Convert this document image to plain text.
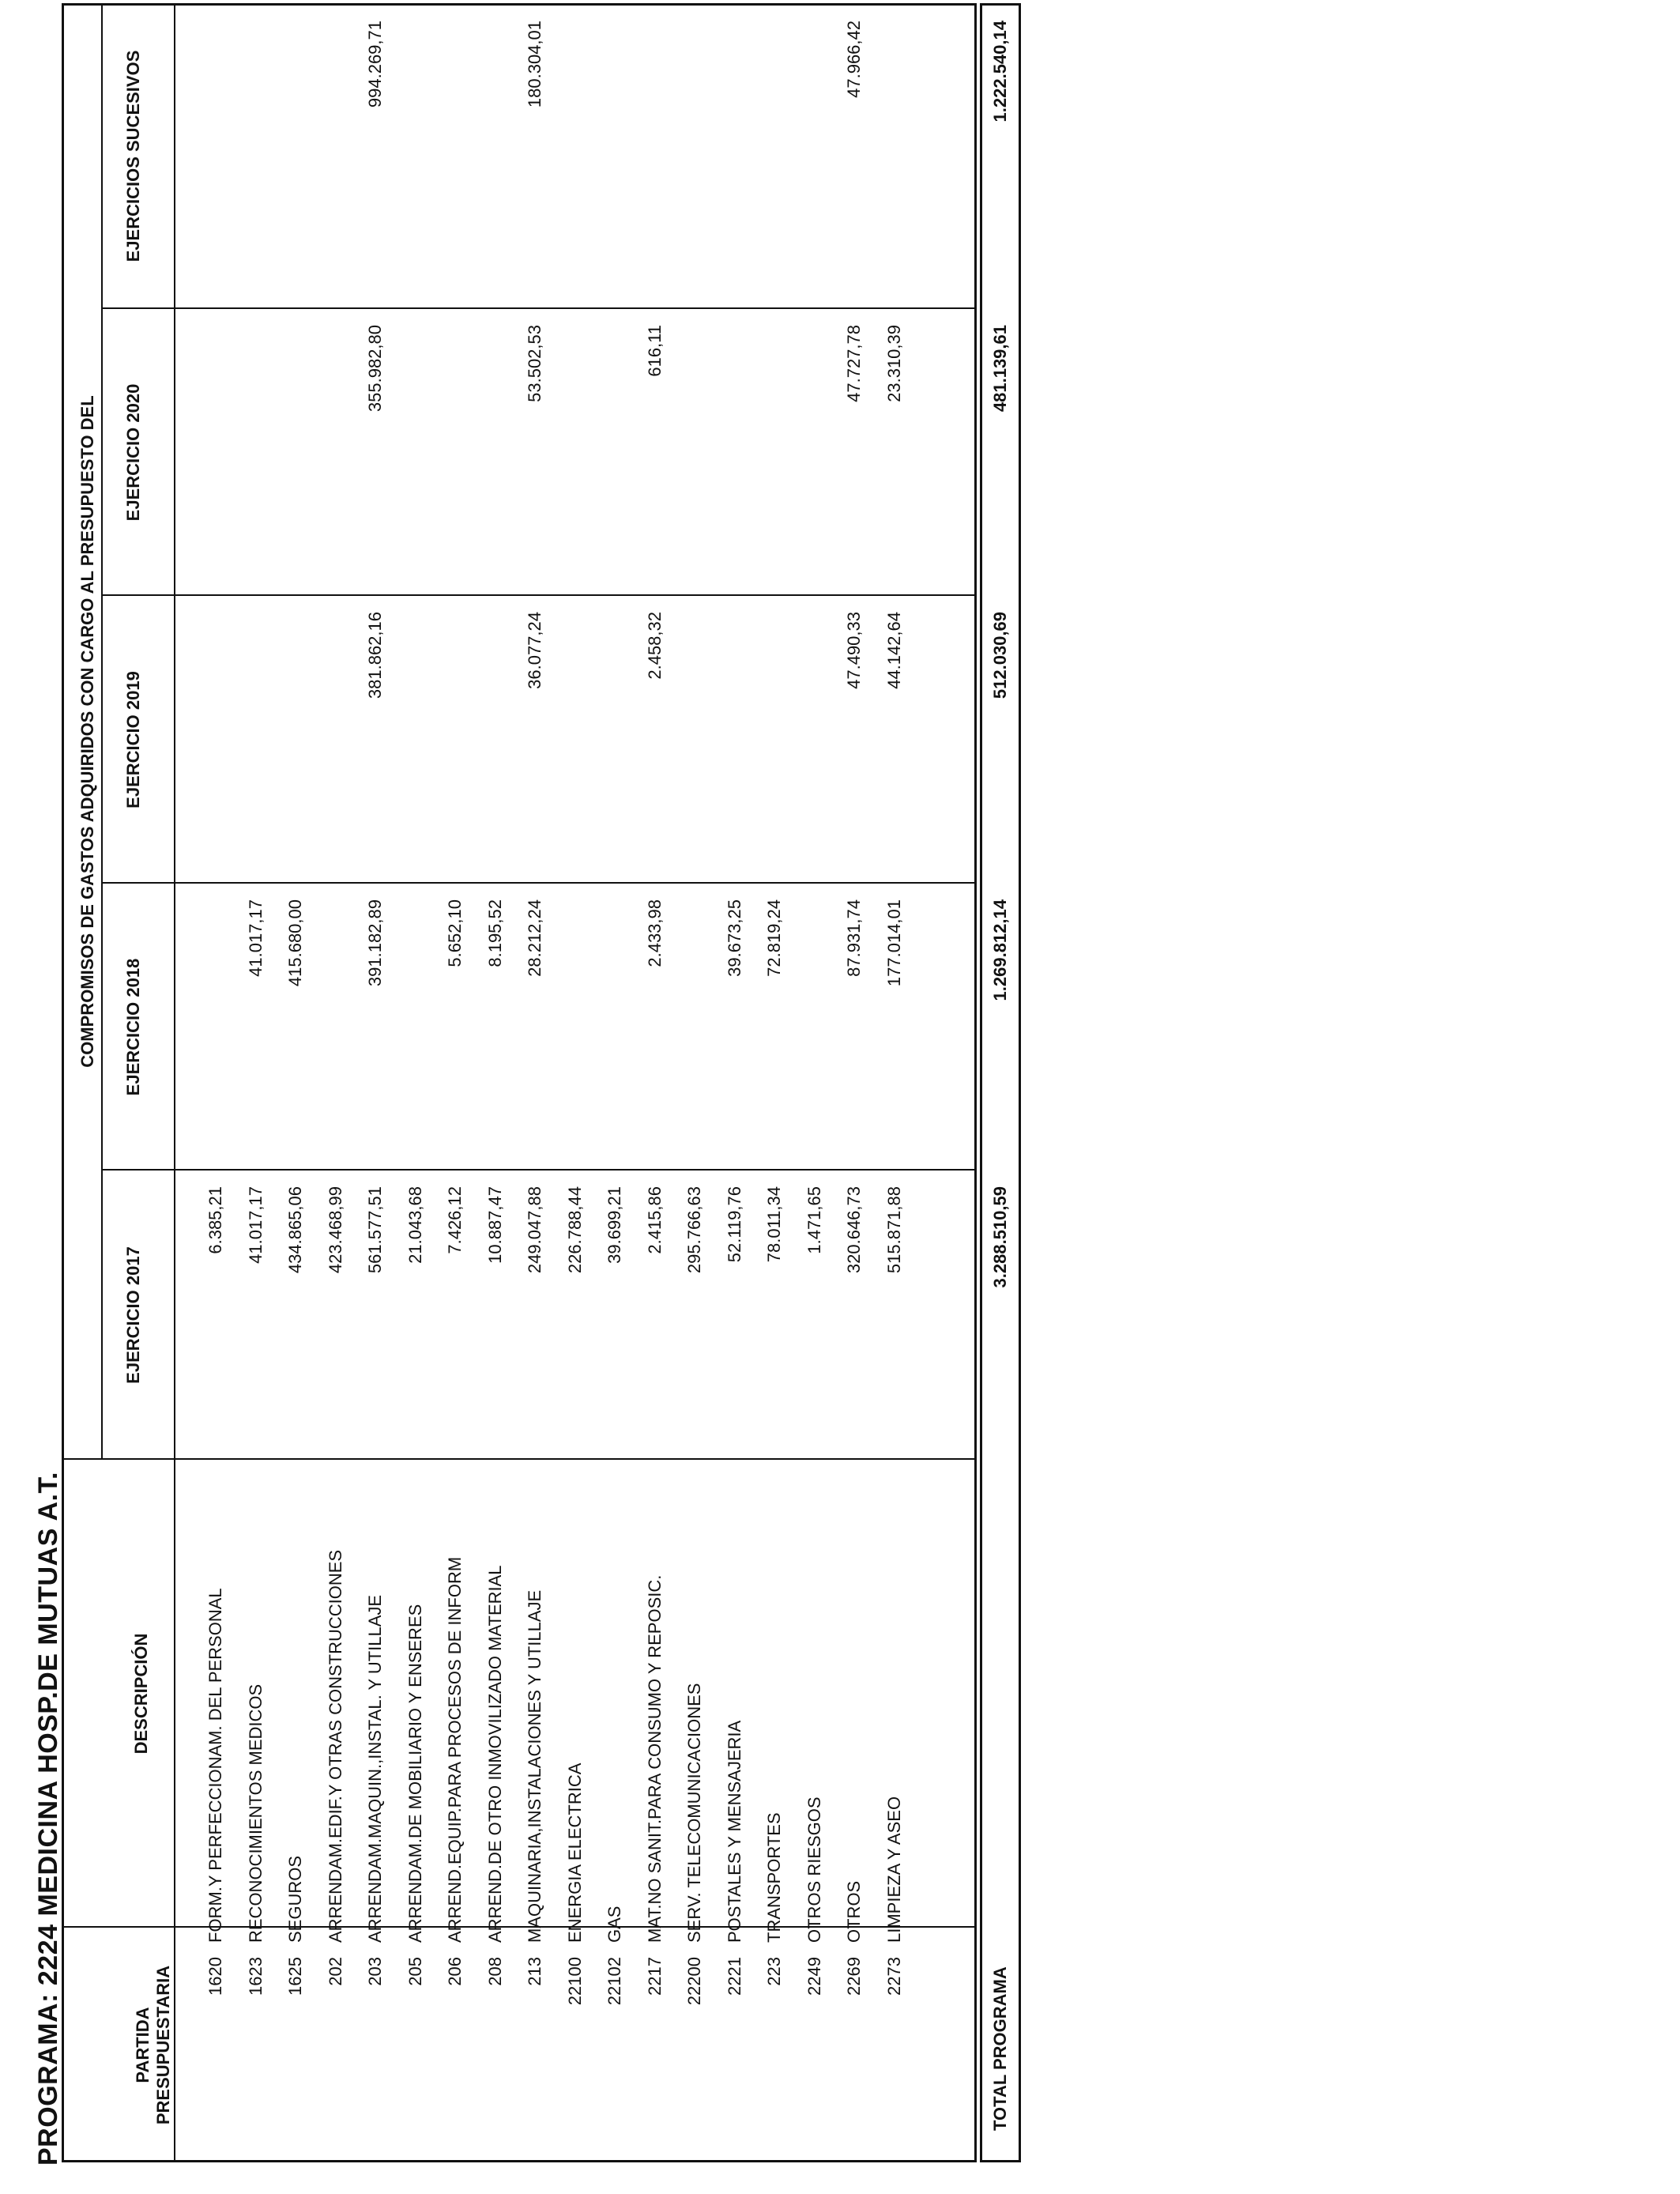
PROGRAMA: 2224 MEDICINA HOSP.DE MUTUAS A.T.	PARTIDA PRESUPUESTARIA
DESCRIPCIÓN
COMPROMISOS DE GASTOS ADQUIRIDOS CON CARGO AL PRESUPUESTO DEL
EJERCICIO 2017
EJERCICIO 2018
EJERCICIO 2019
EJERCICIO 2020
EJERCICIOS SUCESIVOS
1620
FORM.Y PERFECCIONAM. DEL PERSONAL
6.385,21
1623
RECONOCIMIENTOS MEDICOS
41.017,17
41.017,17
1625
SEGUROS
434.865,06
415.680,00
202
ARRENDAM.EDIF.Y OTRAS CONSTRUCCIONES
423.468,99
203
ARRENDAM.MAQUIN.,INSTAL. Y UTILLAJE
561.577,51
391.182,89
381.862,16
355.982,80
994.269,71
205
ARRENDAM.DE MOBILIARIO Y ENSERES
21.043,68
206
ARREND.EQUIP.PARA PROCESOS DE INFORM
7.426,12
5.652,10
208
ARREND.DE OTRO INMOVILIZADO MATERIAL
10.887,47
8.195,52
213
MAQUINARIA,INSTALACIONES Y UTILLAJE
249.047,88
28.212,24
36.077,24
53.502,53
180.304,01
22100
ENERGIA ELECTRICA
226.788,44
22102
GAS
39.699,21
2217
MAT.NO SANIT.PARA CONSUMO Y REPOSIC.
2.415,86
2.433,98
2.458,32
616,11
22200
SERV. TELECOMUNICACIONES
295.766,63
2221
POSTALES Y MENSAJERIA
52.119,76
39.673,25
223
TRANSPORTES
78.011,34
72.819,24
2249
OTROS RIESGOS
1.471,65
2269
OTROS
320.646,73
87.931,74
47.490,33
47.727,78
47.966,42
2273
LIMPIEZA Y ASEO
515.871,88
177.014,01
44.142,64
23.310,39
TOTAL PROGRAMA
3.288.510,59
1.269.812,14
512.030,69
481.139,61
1.222.540,14
